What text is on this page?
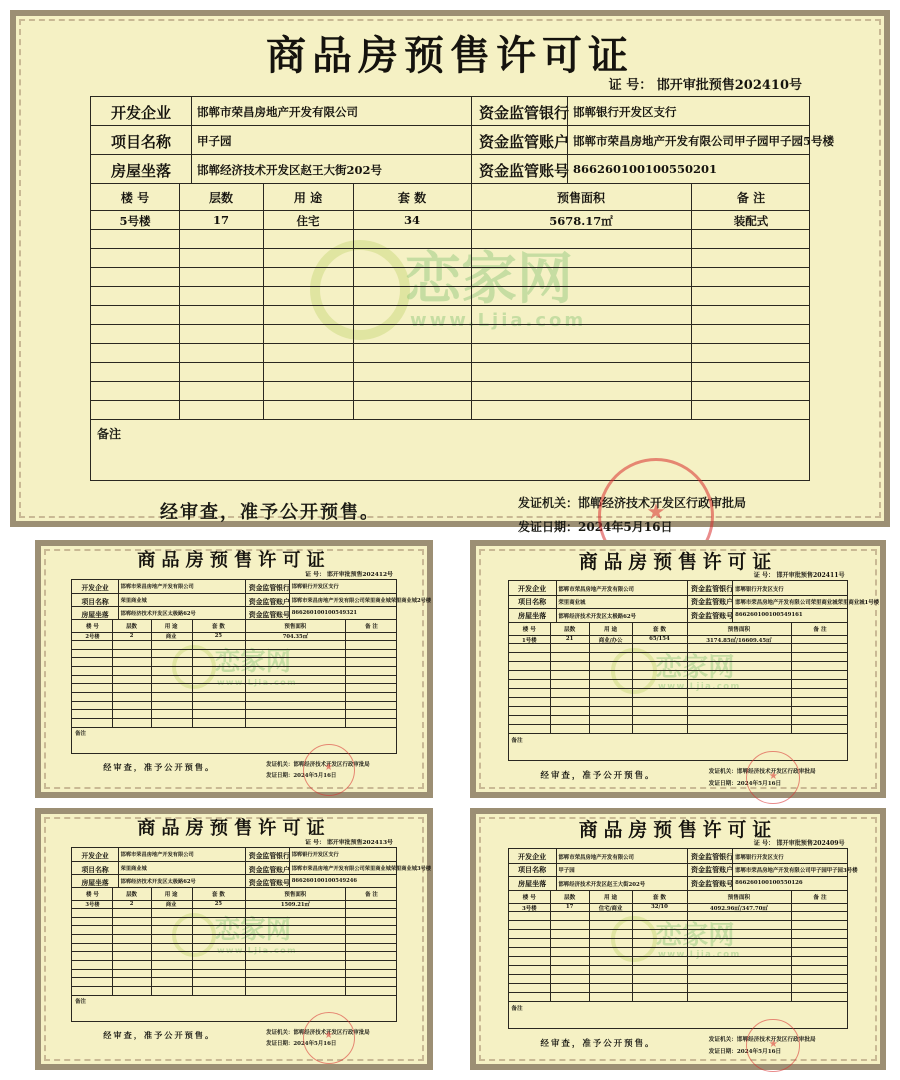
恋家网
www.Ljia.com
商品房预售许可证
证 号： 邯开审批预售202410号
开发企业 邯郸市荣昌房地产开发有限公司	资金监管银行 邯郸银行开发区支行
项目名称 甲子园	资金监管账户 邯郸市荣昌房地产开发有限公司甲子园甲子园5号楼
房屋坐落 邯郸经济技术开发区赵王大街202号	资金监管账号 866260100100550201
楼 号	层数	用 途	套 数	预售面积	备 注
5号楼	17	住宅	34	5678.17㎡	装配式
备注
经审查，准予公开预售。	发证机关：邯郸经济技术开发区行政审批局
发证日期：2024年5月16日
★
恋家网
www.Ljia.com
商品房预售许可证
证 号： 邯开审批预售202412号
开发企业 邯郸市荣昌房地产开发有限公司	资金监管银行 邯郸银行开发区支行
项目名称 荣里商业城	资金监管账户 邯郸市荣昌房地产开发有限公司荣里商业城荣里商业城2号楼
房屋坐落 邯郸经济技术开发区太极路62号	资金监管账号 866260100100549321
楼 号	层数	用 途	套 数	预售面积	备 注
2号楼	2	商业	25	704.35㎡
备注
经审查，准予公开预售。	发证机关：邯郸经济技术开发区行政审批局
发证日期：2024年5月16日
★
恋家网
www.Ljia.com
商品房预售许可证
证 号： 邯开审批预售202411号
开发企业 邯郸市荣昌房地产开发有限公司	资金监管银行 邯郸银行开发区支行
项目名称 荣里商业城	资金监管账户 邯郸市荣昌房地产开发有限公司荣里商业城荣里商业城1号楼
房屋坐落 邯郸经济技术开发区太极路62号	资金监管账号 866260100100549161
楼 号	层数	用 途	套 数	预售面积	备 注
1号楼	21	商业/办公	65/154	3174.85㎡/16609.45㎡
备注
经审查，准予公开预售。	发证机关：邯郸经济技术开发区行政审批局
发证日期：2024年5月16日
★
恋家网
www.Ljia.com
商品房预售许可证
证 号： 邯开审批预售202413号
开发企业 邯郸市荣昌房地产开发有限公司	资金监管银行 邯郸银行开发区支行
项目名称 荣里商业城	资金监管账户 邯郸市荣昌房地产开发有限公司荣里商业城荣里商业城3号楼
房屋坐落 邯郸经济技术开发区太极路62号	资金监管账号 866260100100549246
楼 号	层数	用 途	套 数	预售面积	备 注
3号楼	2	商业	25	1509.21㎡
备注
经审查，准予公开预售。	发证机关：邯郸经济技术开发区行政审批局
发证日期：2024年5月16日
★
恋家网
www.Ljia.com
商品房预售许可证
证 号： 邯开审批预售202409号
开发企业 邯郸市荣昌房地产开发有限公司	资金监管银行 邯郸银行开发区支行
项目名称 甲子园	资金监管账户 邯郸市荣昌房地产开发有限公司甲子园甲子园3号楼
房屋坐落 邯郸经济技术开发区赵王大街202号	资金监管账号 866260100100550126
楼 号	层数	用 途	套 数	预售面积	备 注
3号楼	17	住宅/商业	32/10	4092.96㎡/347.70㎡
备注
经审查，准予公开预售。	发证机关：邯郸经济技术开发区行政审批局
发证日期：2024年5月16日
★
